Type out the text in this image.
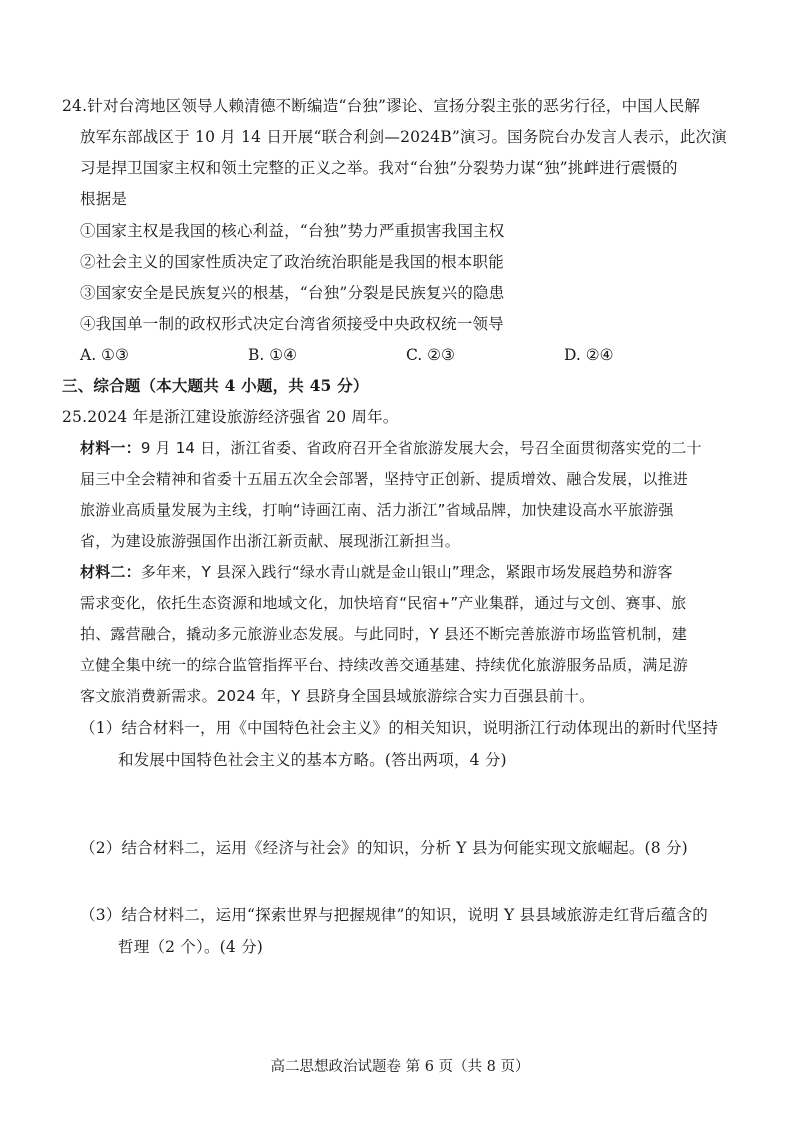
24.针对台湾地区领导人赖清德不断编造“台独”谬论、宣扬分裂主张的恶劣行径，中国人民解
放军东部战区于 10 月 14 日开展“联合利剑—2024B”演习。国务院台办发言人表示，此次演
习是捍卫国家主权和领土完整的正义之举。我对“台独”分裂势力谋“独”挑衅进行震慑的
根据是
①国家主权是我国的核心利益，“台独”势力严重损害我国主权
②社会主义的国家性质决定了政治统治职能是我国的根本职能
③国家安全是民族复兴的根基，“台独”分裂是民族复兴的隐患
④我国单一制的政权形式决定台湾省须接受中央政权统一领导
A. ①③	B. ①④	C. ②③	D. ②④
三、综合题（本大题共 4 小题，共 45 分）
25.2024 年是浙江建设旅游经济强省 20 周年。
材料一：9 月 14 日，浙江省委、省政府召开全省旅游发展大会，号召全面贯彻落实党的二十
届三中全会精神和省委十五届五次全会部署，坚持守正创新、提质增效、融合发展，以推进
旅游业高质量发展为主线，打响“诗画江南、活力浙江”省域品牌，加快建设高水平旅游强
省，为建设旅游强国作出浙江新贡献、展现浙江新担当。
材料二：多年来，Y 县深入践行“绿水青山就是金山银山”理念，紧跟市场发展趋势和游客
需求变化，依托生态资源和地域文化，加快培育“民宿+”产业集群，通过与文创、赛事、旅
拍、露营融合，撬动多元旅游业态发展。与此同时，Y 县还不断完善旅游市场监管机制，建
立健全集中统一的综合监管指挥平台、持续改善交通基建、持续优化旅游服务品质，满足游
客文旅消费新需求。2024 年，Y 县跻身全国县域旅游综合实力百强县前十。
（1）结合材料一，用《中国特色社会主义》的相关知识，说明浙江行动体现出的新时代坚持
和发展中国特色社会主义的基本方略。(答出两项，4 分)
（2）结合材料二，运用《经济与社会》的知识，分析 Y 县为何能实现文旅崛起。(8 分)
（3）结合材料二，运用“探索世界与把握规律”的知识，说明 Y 县县域旅游走红背后蕴含的
哲理（2 个）。(4 分)
高二思想政治试题卷 第 6 页（共 8 页）
